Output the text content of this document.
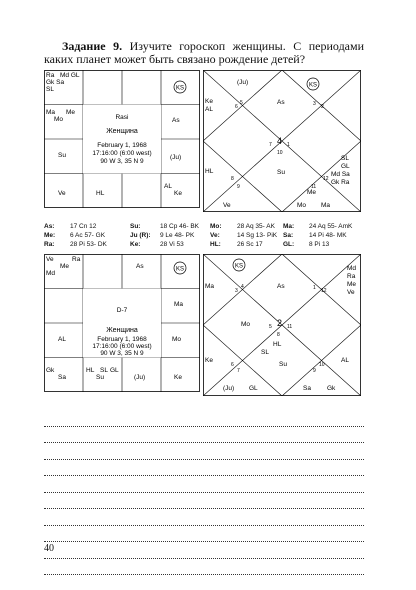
Задание 9. Изучите гороскоп женщины. С периодами каких планет может быть связано рождение детей?
Ra Md GL
Gk Sa
SL
Ma Me
Mo	As
Su	(Ju)
Ve	HL
AL
Ke
KS
Rasi
Женщина
February 1, 1968
17:16:00 (6:00 west)
90 W 3, 35 N 9
(Ju)
Ke
AL
As
HL
Ve
Su
Me
Mo Ma
SL
GL
Md Sa
Gk Ra
KS
5
6	3 2
7 4 1
10
8
9	11
12
As:	17 Cn 12	Su:	18 Cp 46- BK	Mo:	28 Aq 35- AK	Ma:	24 Aq 55- AmK
Me:	6 Ac 57- GK	Ju (R):	9 Le 48- PK	Ve:	14 Sg 13- PiK Sa:	14 Pi 48- MK
Ra:	28 Pi 53- DK	Ke:	28 Vi 53	HL:	26 Sc 17	GL:	8 Pi 13
Ve	Ra
Me
Md
As
Ma
AL	Mo
Gk
Sa
HL SL GL
Su	(Ju)	Ke
KS
D-7
Женщина
February 1, 1968
17:16:00 (6:00 west)
90 W 3, 35 N 9
KS
Ma	As
Md
Ra
Me
Ve
Mo
HL
SL
Ke
Su
AL
(Ju) GL	Sa Gk
4
3	1 12
5 2 11
8
6
7
10
9
40
